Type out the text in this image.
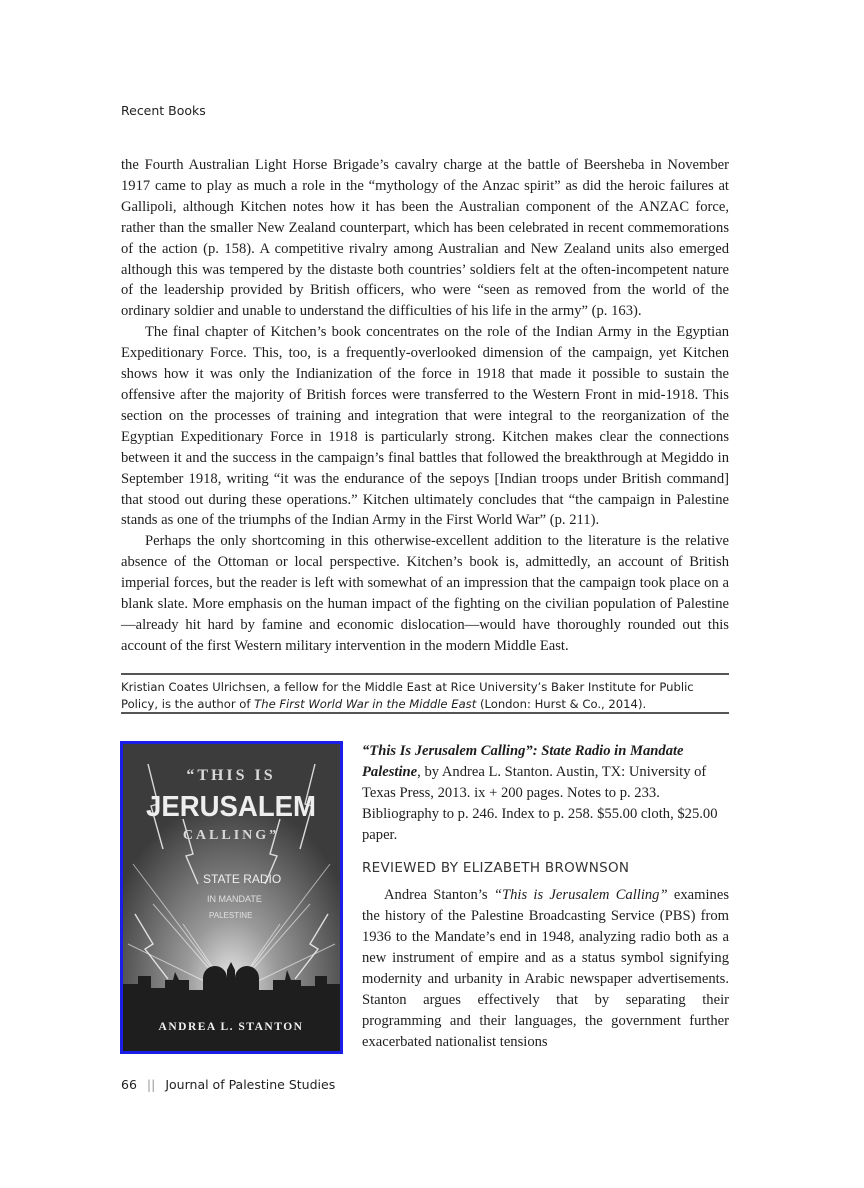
Recent Books

the Fourth Australian Light Horse Brigade’s cavalry charge at the battle of Beersheba in November 1917 came to play as much a role in the “mythology of the Anzac spirit” as did the heroic failures at Gallipoli, although Kitchen notes how it has been the Australian component of the ANZAC force, rather than the smaller New Zealand counterpart, which has been celebrated in recent commemorations of the action (p. 158). A competitive rivalry among Australian and New Zealand units also emerged although this was tempered by the distaste both countries’ soldiers felt at the often-incompetent nature of the leadership provided by British officers, who were “seen as removed from the world of the ordinary soldier and unable to understand the difficulties of his life in the army” (p. 163).

The final chapter of Kitchen’s book concentrates on the role of the Indian Army in the Egyptian Expeditionary Force. This, too, is a frequently-overlooked dimension of the campaign, yet Kitchen shows how it was only the Indianization of the force in 1918 that made it possible to sustain the offensive after the majority of British forces were transferred to the Western Front in mid-1918. This section on the processes of training and integration that were integral to the reorganization of the Egyptian Expeditionary Force in 1918 is particularly strong. Kitchen makes clear the connections between it and the success in the campaign’s final battles that followed the breakthrough at Megiddo in September 1918, writing “it was the endurance of the sepoys [Indian troops under British command] that stood out during these operations.” Kitchen ultimately concludes that “the campaign in Palestine stands as one of the triumphs of the Indian Army in the First World War” (p. 211).

Perhaps the only shortcoming in this otherwise-excellent addition to the literature is the relative absence of the Ottoman or local perspective. Kitchen’s book is, admittedly, an account of British imperial forces, but the reader is left with somewhat of an impression that the campaign took place on a blank slate. More emphasis on the human impact of the fighting on the civilian population of Palestine—already hit hard by famine and economic dislocation—would have thoroughly rounded out this account of the first Western military intervention in the modern Middle East.

Kristian Coates Ulrichsen, a fellow for the Middle East at Rice University’s Baker Institute for Public Policy, is the author of The First World War in the Middle East (London: Hurst & Co., 2014).
“THIS IS
JERUSALEM
CALLING”
STATE RADIO
IN MANDATE
PALESTINE
ANDREA L. STANTON

“This Is Jerusalem Calling”: State Radio in Mandate Palestine, by Andrea L. Stanton. Austin, TX: University of Texas Press, 2013. ix + 200 pages. Notes to p. 233. Bibliography to p. 246. Index to p. 258. $55.00 cloth, $25.00 paper.

REVIEWED BY ELIZABETH BROWNSON

Andrea Stanton’s “This is Jerusalem Calling” examines the history of the Palestine Broadcasting Service (PBS) from 1936 to the Mandate’s end in 1948, analyzing radio both as a new instrument of empire and as a status symbol signifying modernity and urbanity in Arabic newspaper advertisements. Stanton argues effectively that by separating their programming and their languages, the government further exacerbated nationalist tensions

66 || Journal of Palestine Studies
